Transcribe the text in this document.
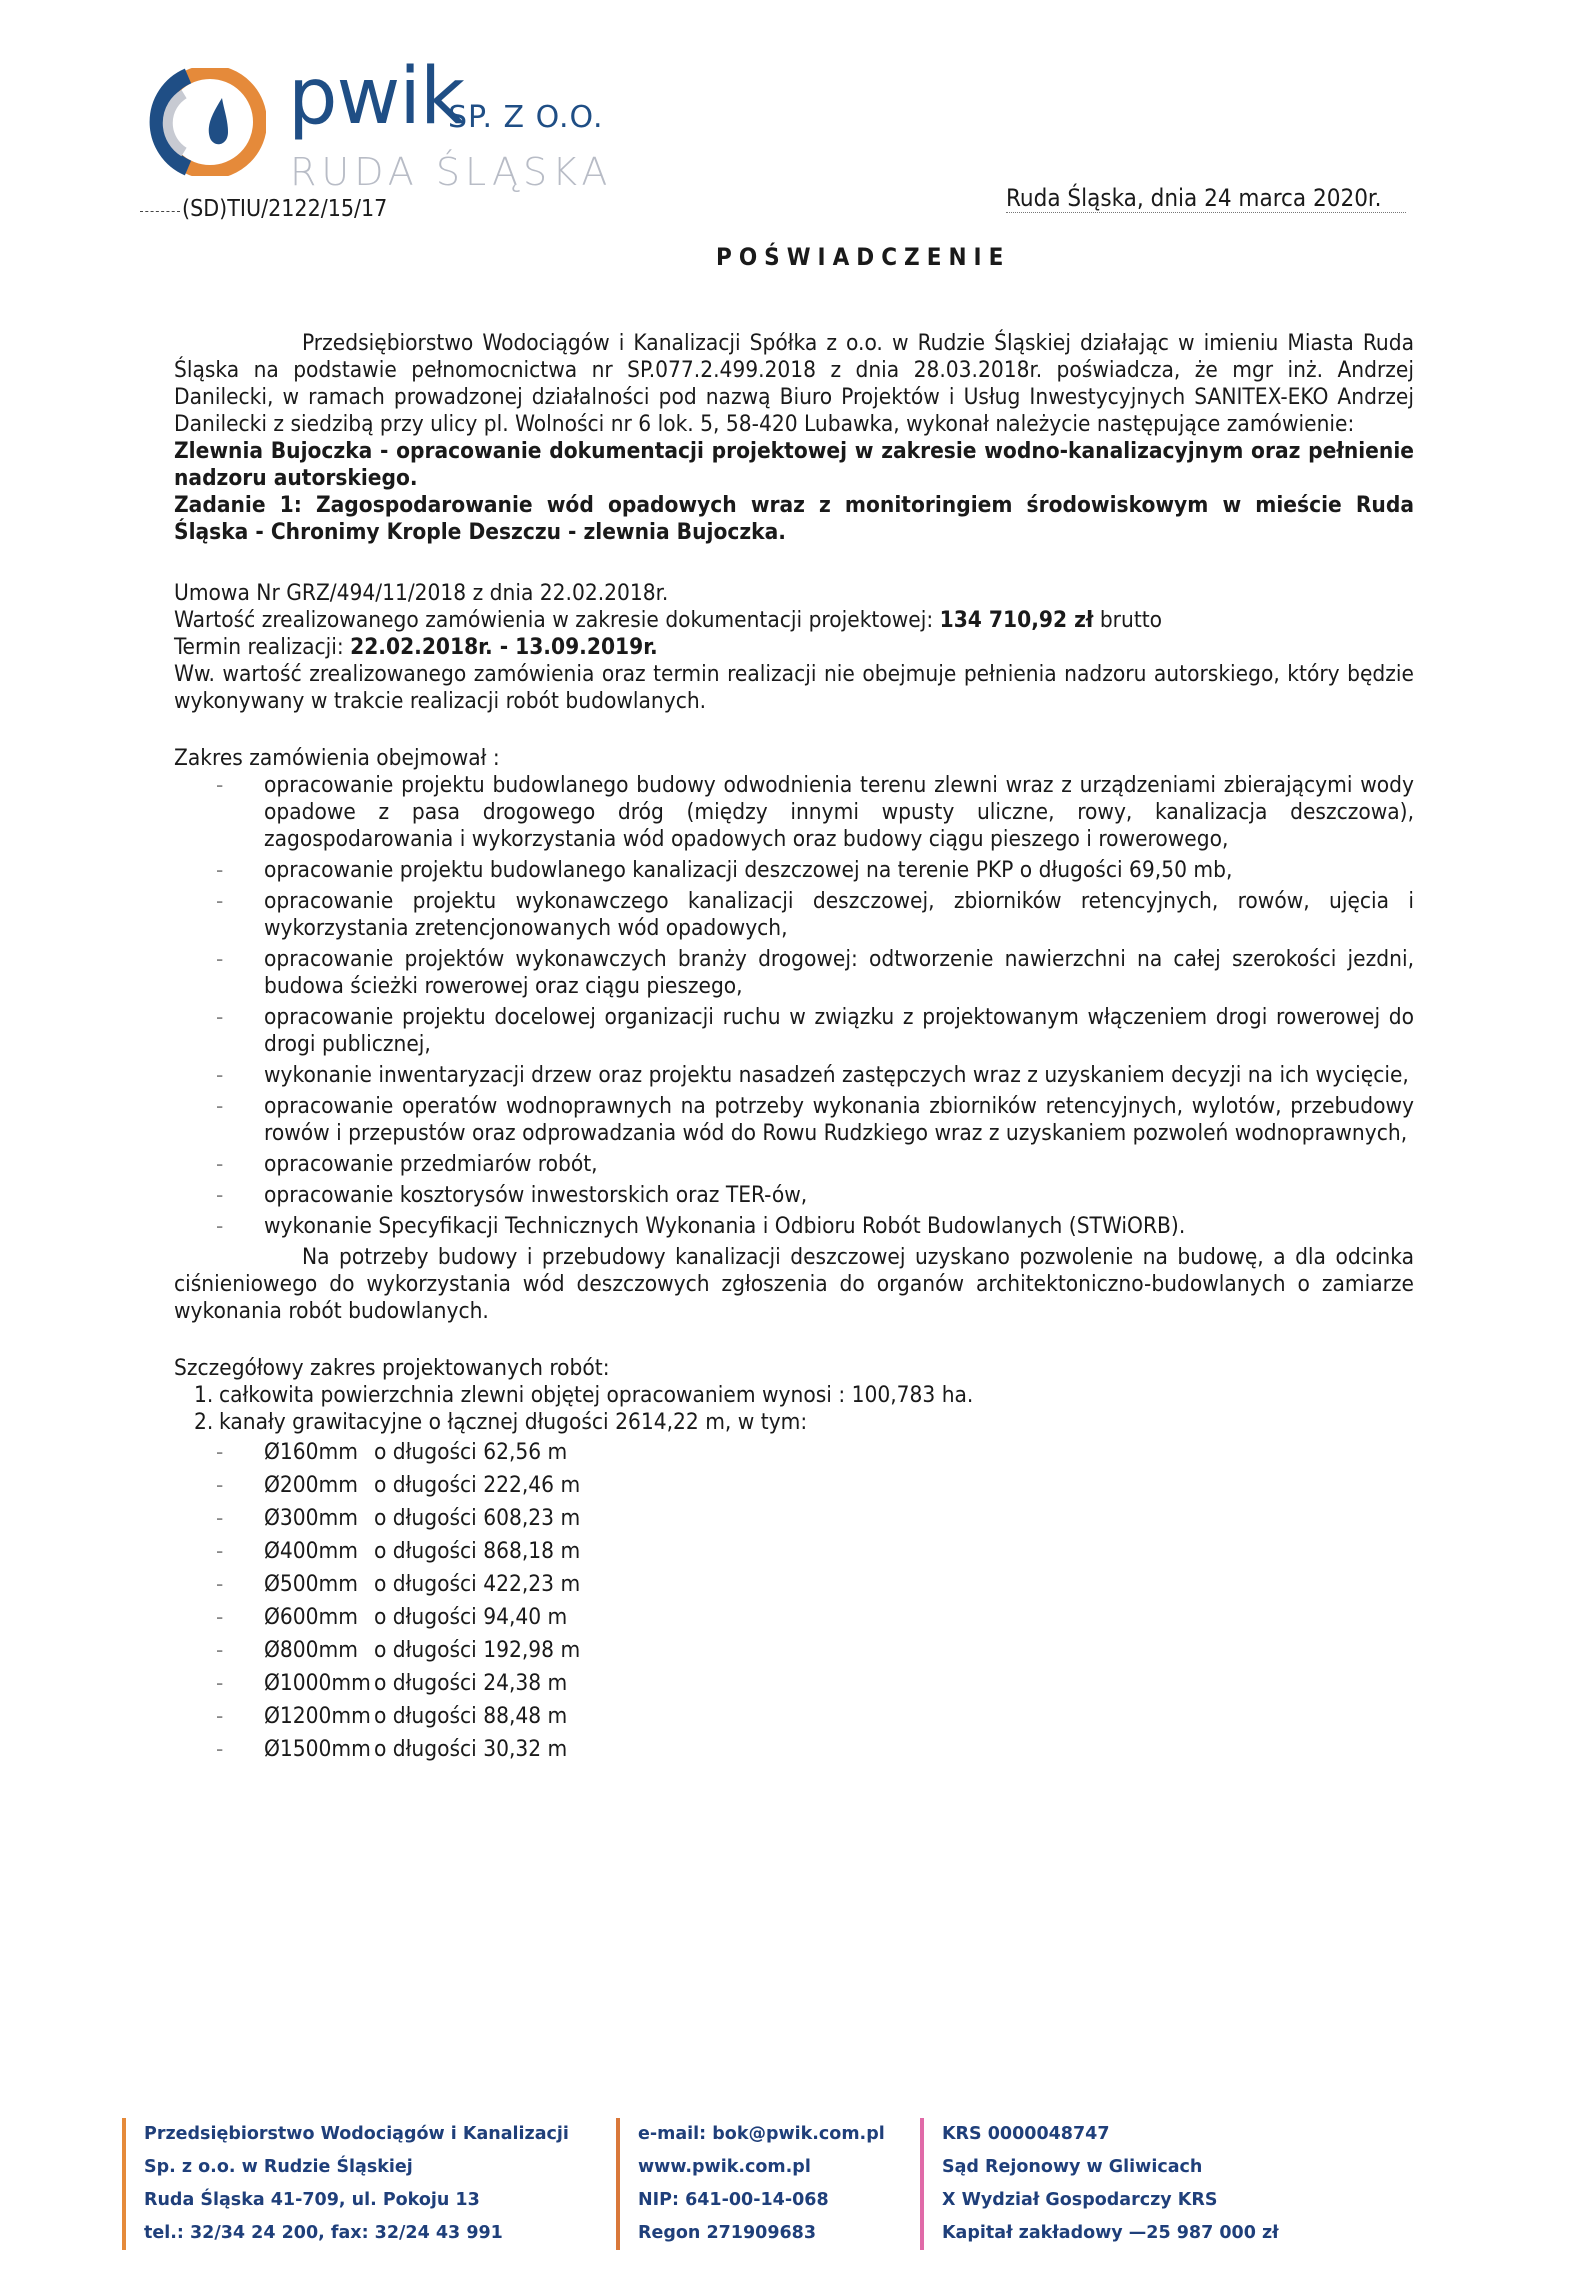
pwik
SP. Z O.O.
RUDA ŚLĄSKA
(SD)TIU/2122/15/17	Ruda Śląska, dnia 24 marca 2020r.
POŚWIADCZENIE

Przedsiębiorstwo Wodociągów i Kanalizacji Spółka z o.o. w Rudzie Śląskiej działając w imieniu Miasta Ruda Śląska na podstawie pełnomocnictwa nr SP.077.2.499.2018 z dnia 28.03.2018r. poświadcza, że mgr inż. Andrzej Danilecki, w ramach prowadzonej działalności pod nazwą Biuro Projektów i Usług Inwestycyjnych SANITEX-EKO Andrzej Danilecki z siedzibą przy ulicy pl. Wolności nr 6 lok. 5, 58-420 Lubawka, wykonał należycie następujące zamówienie:

Zlewnia Bujoczka - opracowanie dokumentacji projektowej w zakresie wodno-kanalizacyjnym oraz pełnienie nadzoru autorskiego.

Zadanie 1: Zagospodarowanie wód opadowych wraz z monitoringiem środowiskowym w mieście Ruda Śląska - Chronimy Krople Deszczu - zlewnia Bujoczka.

Umowa Nr GRZ/494/11/2018 z dnia 22.02.2018r.

Wartość zrealizowanego zamówienia w zakresie dokumentacji projektowej: 134 710,92 zł brutto

Termin realizacji: 22.02.2018r. - 13.09.2019r.

Ww. wartość zrealizowanego zamówienia oraz termin realizacji nie obejmuje pełnienia nadzoru autorskiego, który będzie wykonywany w trakcie realizacji robót budowlanych.

Zakres zamówienia obejmował :

- opracowanie projektu budowlanego budowy odwodnienia terenu zlewni wraz z urządzeniami zbierającymi wody opadowe z pasa drogowego dróg (między innymi wpusty uliczne, rowy, kanalizacja deszczowa), zagospodarowania i wykorzystania wód opadowych oraz budowy ciągu pieszego i rowerowego,
- opracowanie projektu budowlanego kanalizacji deszczowej na terenie PKP o długości 69,50 mb,
- opracowanie projektu wykonawczego kanalizacji deszczowej, zbiorników retencyjnych, rowów, ujęcia i wykorzystania zretencjonowanych wód opadowych,
- opracowanie projektów wykonawczych branży drogowej: odtworzenie nawierzchni na całej szerokości jezdni, budowa ścieżki rowerowej oraz ciągu pieszego,
- opracowanie projektu docelowej organizacji ruchu w związku z projektowanym włączeniem drogi rowerowej do drogi publicznej,
- wykonanie inwentaryzacji drzew oraz projektu nasadzeń zastępczych wraz z uzyskaniem decyzji na ich wycięcie,
- opracowanie operatów wodnoprawnych na potrzeby wykonania zbiorników retencyjnych, wylotów, przebudowy rowów i przepustów oraz odprowadzania wód do Rowu Rudzkiego wraz z uzyskaniem pozwoleń wodnoprawnych,
- opracowanie przedmiarów robót,
- opracowanie kosztorysów inwestorskich oraz TER-ów,
- wykonanie Specyfikacji Technicznych Wykonania i Odbioru Robót Budowlanych (STWiORB).

Na potrzeby budowy i przebudowy kanalizacji deszczowej uzyskano pozwolenie na budowę, a dla odcinka ciśnieniowego do wykorzystania wód deszczowych zgłoszenia do organów architektoniczno-budowlanych o zamiarze wykonania robót budowlanych.

Szczegółowy zakres projektowanych robót:

1. całkowita powierzchnia zlewni objętej opracowaniem wynosi : 100,783 ha.
2. kanały grawitacyjne o łącznej długości 2614,22 m, w tym:
- Ø160mm o długości 62,56 m
- Ø200mm o długości 222,46 m
- Ø300mm o długości 608,23 m
- Ø400mm o długości 868,18 m
- Ø500mm o długości 422,23 m
- Ø600mm o długości 94,40 m
- Ø800mm o długości 192,98 m
- Ø1000mm o długości 24,38 m
- Ø1200mm o długości 88,48 m
- Ø1500mm o długości 30,32 m
Przedsiębiorstwo Wodociągów i Kanalizacji
Sp. z o.o. w Rudzie Śląskiej
Ruda Śląska 41-709, ul. Pokoju 13
tel.: 32/34 24 200, fax: 32/24 43 991
e-mail: bok@pwik.com.pl
www.pwik.com.pl
NIP: 641-00-14-068
Regon 271909683
KRS 0000048747
Sąd Rejonowy w Gliwicach
X Wydział Gospodarczy KRS
Kapitał zakładowy —25 987 000 zł
